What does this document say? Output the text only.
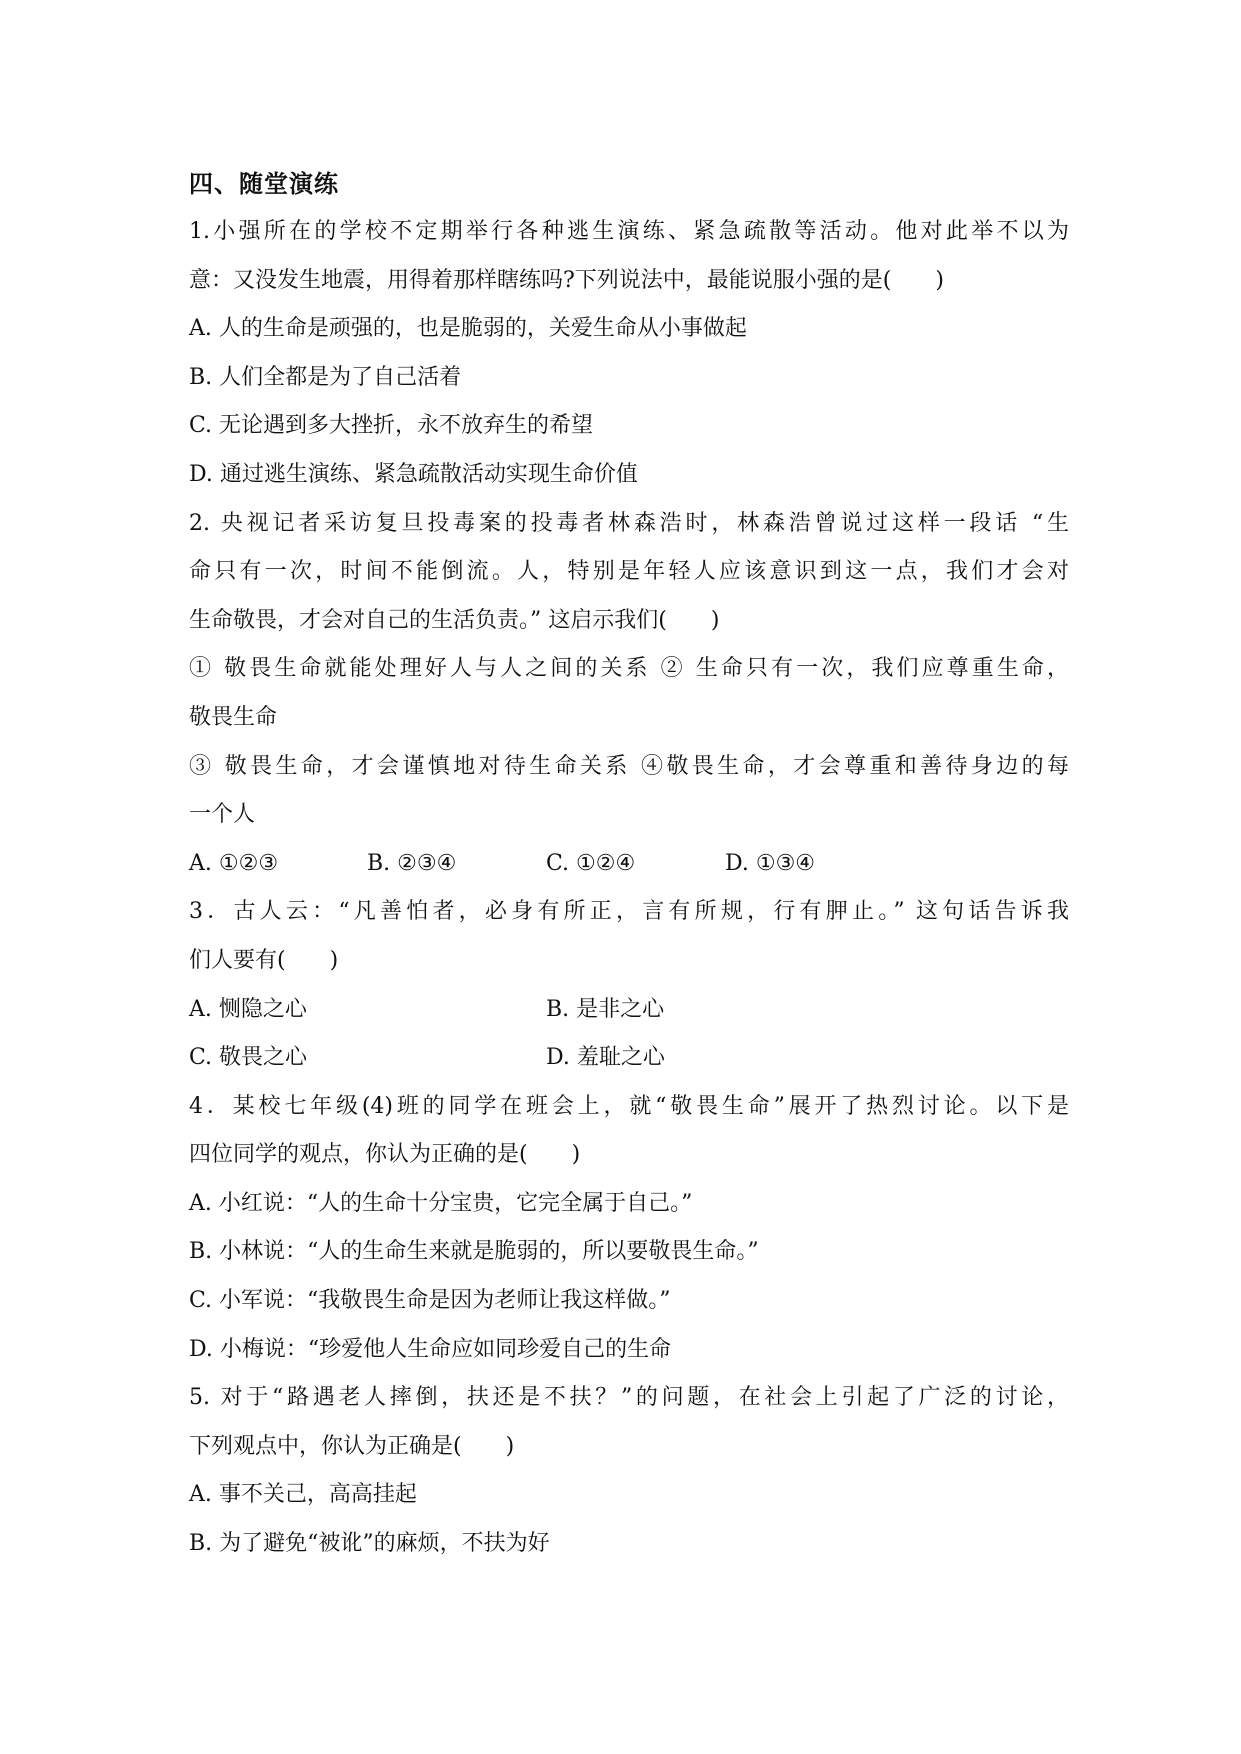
四、随堂演练
1.小强所在的学校不定期举行各种逃生演练、紧急疏散等活动。他对此举不以为
意：又没发生地震，用得着那样瞎练吗?下列说法中，最能说服小强的是(　　)
A. 人的生命是顽强的，也是脆弱的，关爱生命从小事做起
B. 人们全都是为了自己活着
C. 无论遇到多大挫折，永不放弃生的希望
D. 通过逃生演练、紧急疏散活动实现生命价值
2. 央视记者采访复旦投毒案的投毒者林森浩时，林森浩曾说过这样一段话 “生
命只有一次，时间不能倒流。人，特别是年轻人应该意识到这一点，我们才会对
生命敬畏，才会对自己的生活负责。” 这启示我们(　　)
① 敬畏生命就能处理好人与人之间的关系 ② 生命只有一次，我们应尊重生命，
敬畏生命
③ 敬畏生命，才会谨慎地对待生命关系 ④敬畏生命，才会尊重和善待身边的每
一个人
A. ①②③	B. ②③④	C. ①②④	D. ①③④
3．古人云：“凡善怕者，必身有所正，言有所规，行有胛止。” 这句话告诉我
们人要有(　　)
A. 恻隐之心	B. 是非之心
C. 敬畏之心	D. 羞耻之心
4．某校七年级(4)班的同学在班会上，就“敬畏生命”展开了热烈讨论。以下是
四位同学的观点，你认为正确的是(　　)
A. 小红说：“人的生命十分宝贵，它完全属于自己。”
B. 小林说：“人的生命生来就是脆弱的，所以要敬畏生命。”
C. 小军说：“我敬畏生命是因为老师让我这样做。”
D. 小梅说：“珍爱他人生命应如同珍爱自己的生命
5. 对于“路遇老人摔倒，扶还是不扶？”的问题，在社会上引起了广泛的讨论，
下列观点中，你认为正确是(　　)
A. 事不关己，高高挂起
B. 为了避免“被讹”的麻烦，不扶为好
